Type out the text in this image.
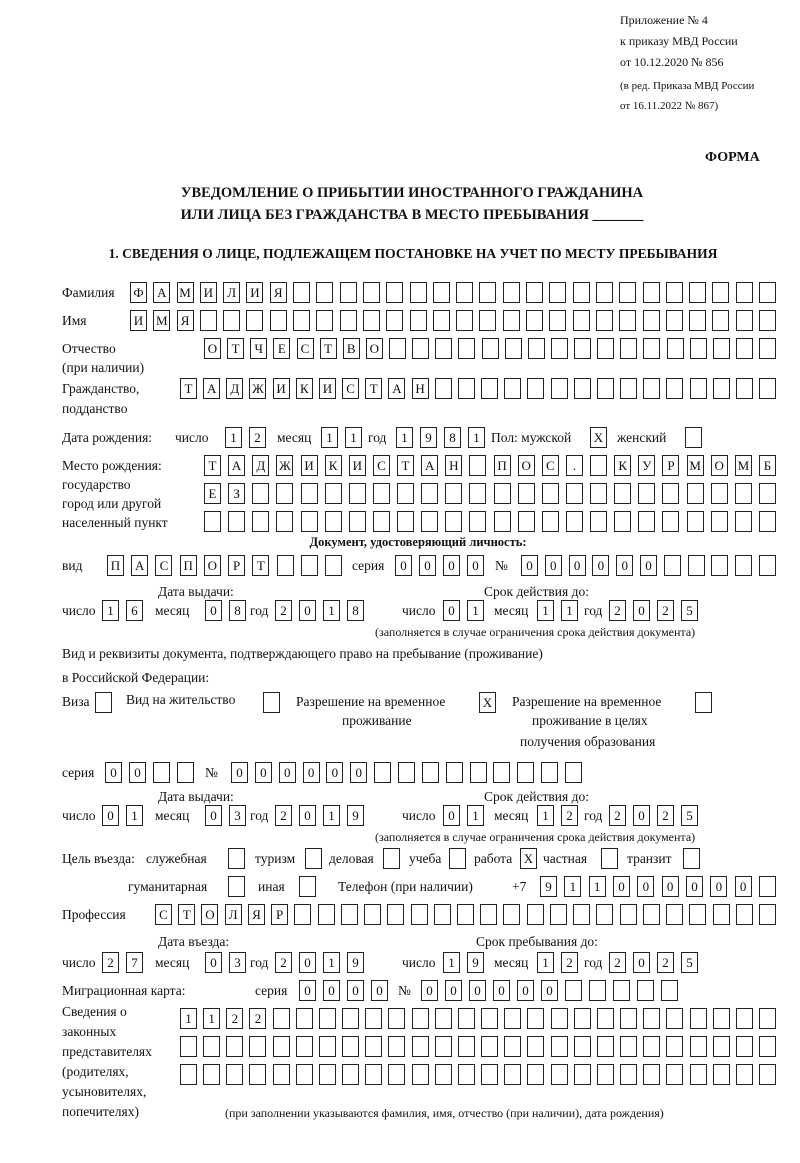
Приложение № 4
к приказу МВД России
от 10.12.2020 № 856
(в ред. Приказа МВД России
от 16.11.2022 № 867)
ФОРМА
УВЕДОМЛЕНИЕ О ПРИБЫТИИ ИНОСТРАННОГО ГРАЖДАНИНА
ИЛИ ЛИЦА БЕЗ ГРАЖДАНСТВА В МЕСТО ПРЕБЫВАНИЯ _______
1. СВЕДЕНИЯ О ЛИЦЕ, ПОДЛЕЖАЩЕМ ПОСТАНОВКЕ НА УЧЕТ ПО МЕСТУ ПРЕБЫВАНИЯ
Фамилия Ф А М И	Л	И	Я
Имя	И М	Я
Отчество
(при наличии)
О	Т	Ч	Е	С	Т	В	О
Гражданство,
подданство
Т	А	Д Ж И	К	И	С	Т	А Н
Дата рождения: число	1	2	месяц	1	1 год	1	9	8	1 Пол: мужской X женский
Место рождения:
государство
город или другой
населенный пункт
Т	А	Д	Ж И	К	И	С	Т	А Н	П О	С	.	К	У	Р	М О М	Б
Е	З
Документ, удостоверяющий личность:
вид П А	С	П О	Р	Т	серия	0	0	0	0	№	0	0	0	0	0	0
Дата выдачи:	Срок действия до:
число 1	6	месяц	0	8 год 2	0	1	8	число 0	1	месяц	1	1 год 2	0	2	5
(заполняется в случае ограничения срока действия документа)
Вид и реквизиты документа, подтверждающего право на пребывание (проживание)
в Российской Федерации:
Виза	Вид на жительство	Разрешение на временное
проживание
X Разрешение на временное
проживание в целях
получения образования
серия	0	0	№	0	0	0	0	0	0
Дата выдачи:	Срок действия до:
число 0	1	месяц	0	3 год 2	0	1	9	число 0	1	месяц	1	2 год 2	0	2	5
(заполняется в случае ограничения срока действия документа)
Цель въезда: служебная	туризм	деловая	учеба работа X частная	транзит
гуманитарная	иная	Телефон (при наличии)	+7	9	1	1	0	0	0	0	0	0
Профессия	С	Т	О	Л	Я	Р
Дата въезда:	Срок пребывания до:
число 2	7	месяц	0	3 год 2	0	1	9	число 1	9	месяц	1	2 год 2	0	2	5
Миграционная карта:	серия	0	0	0	0	№	0	0	0	0	0	0
Сведения о
законных
представителях
(родителях,
усыновителях,
попечителях)
1	1	2	2
(при заполнении указываются фамилия, имя, отчество (при наличии), дата рождения)
